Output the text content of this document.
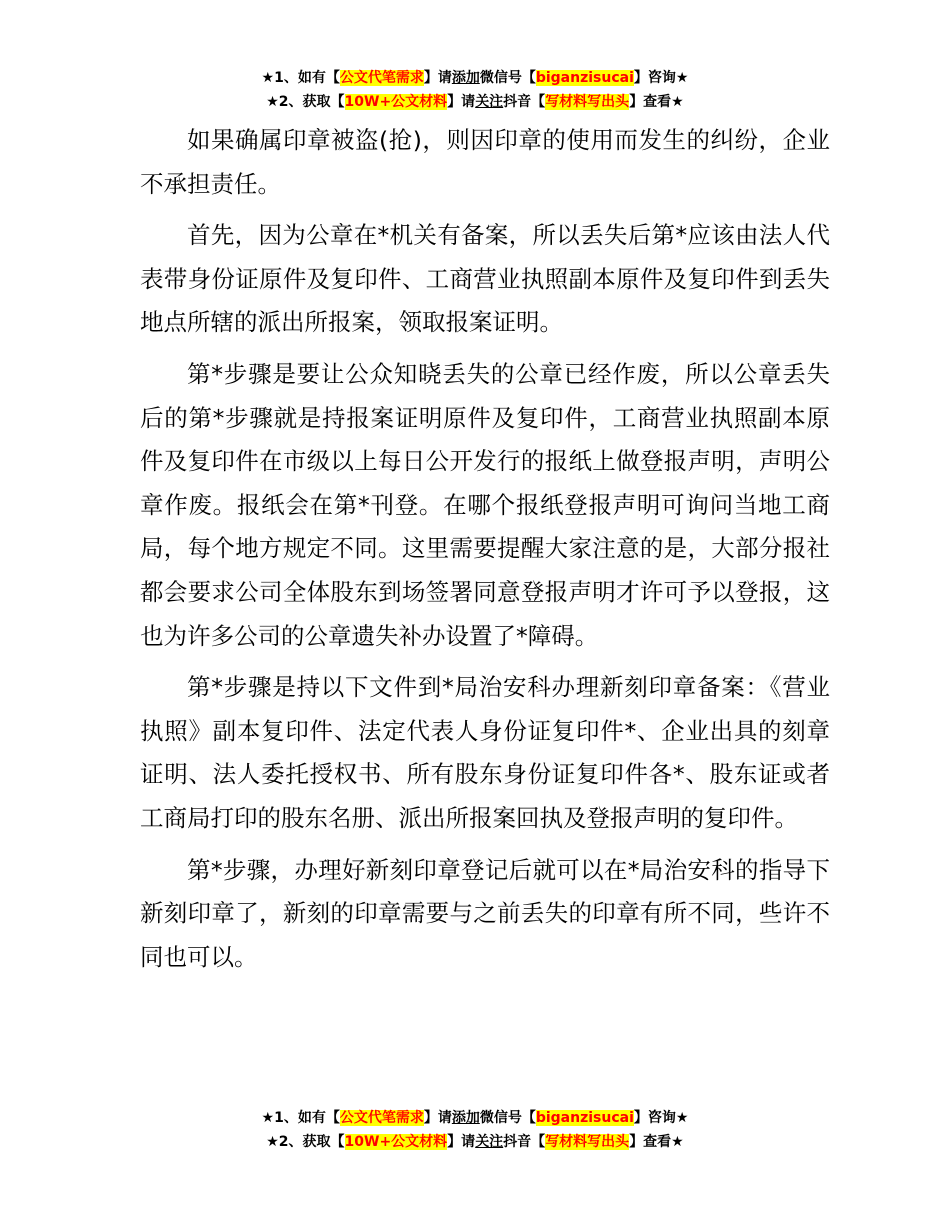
★1、如有【公文代笔需求】请添加微信号【biganzisucai】咨询★
★2、获取【10W+公文材料】请关注抖音【写材料写出头】查看★

如果确属印章被盗(抢)，则因印章的使用而发生的纠纷，企业不承担责任。

首先，因为公章在*机关有备案，所以丢失后第*应该由法人代表带身份证原件及复印件、工商营业执照副本原件及复印件到丢失地点所辖的派出所报案，领取报案证明。

第*步骤是要让公众知晓丢失的公章已经作废，所以公章丢失后的第*步骤就是持报案证明原件及复印件，工商营业执照副本原件及复印件在市级以上每日公开发行的报纸上做登报声明，声明公章作废。报纸会在第*刊登。在哪个报纸登报声明可询问当地工商局，每个地方规定不同。这里需要提醒大家注意的是，大部分报社都会要求公司全体股东到场签署同意登报声明才许可予以登报，这也为许多公司的公章遗失补办设置了*障碍。

第*步骤是持以下文件到*局治安科办理新刻印章备案：《营业执照》副本复印件、法定代表人身份证复印件*、企业出具的刻章证明、法人委托授权书、所有股东身份证复印件各*、股东证或者工商局打印的股东名册、派出所报案回执及登报声明的复印件。

第*步骤，办理好新刻印章登记后就可以在*局治安科的指导下新刻印章了，新刻的印章需要与之前丢失的印章有所不同，些许不同也可以。

★1、如有【公文代笔需求】请添加微信号【biganzisucai】咨询★
★2、获取【10W+公文材料】请关注抖音【写材料写出头】查看★
